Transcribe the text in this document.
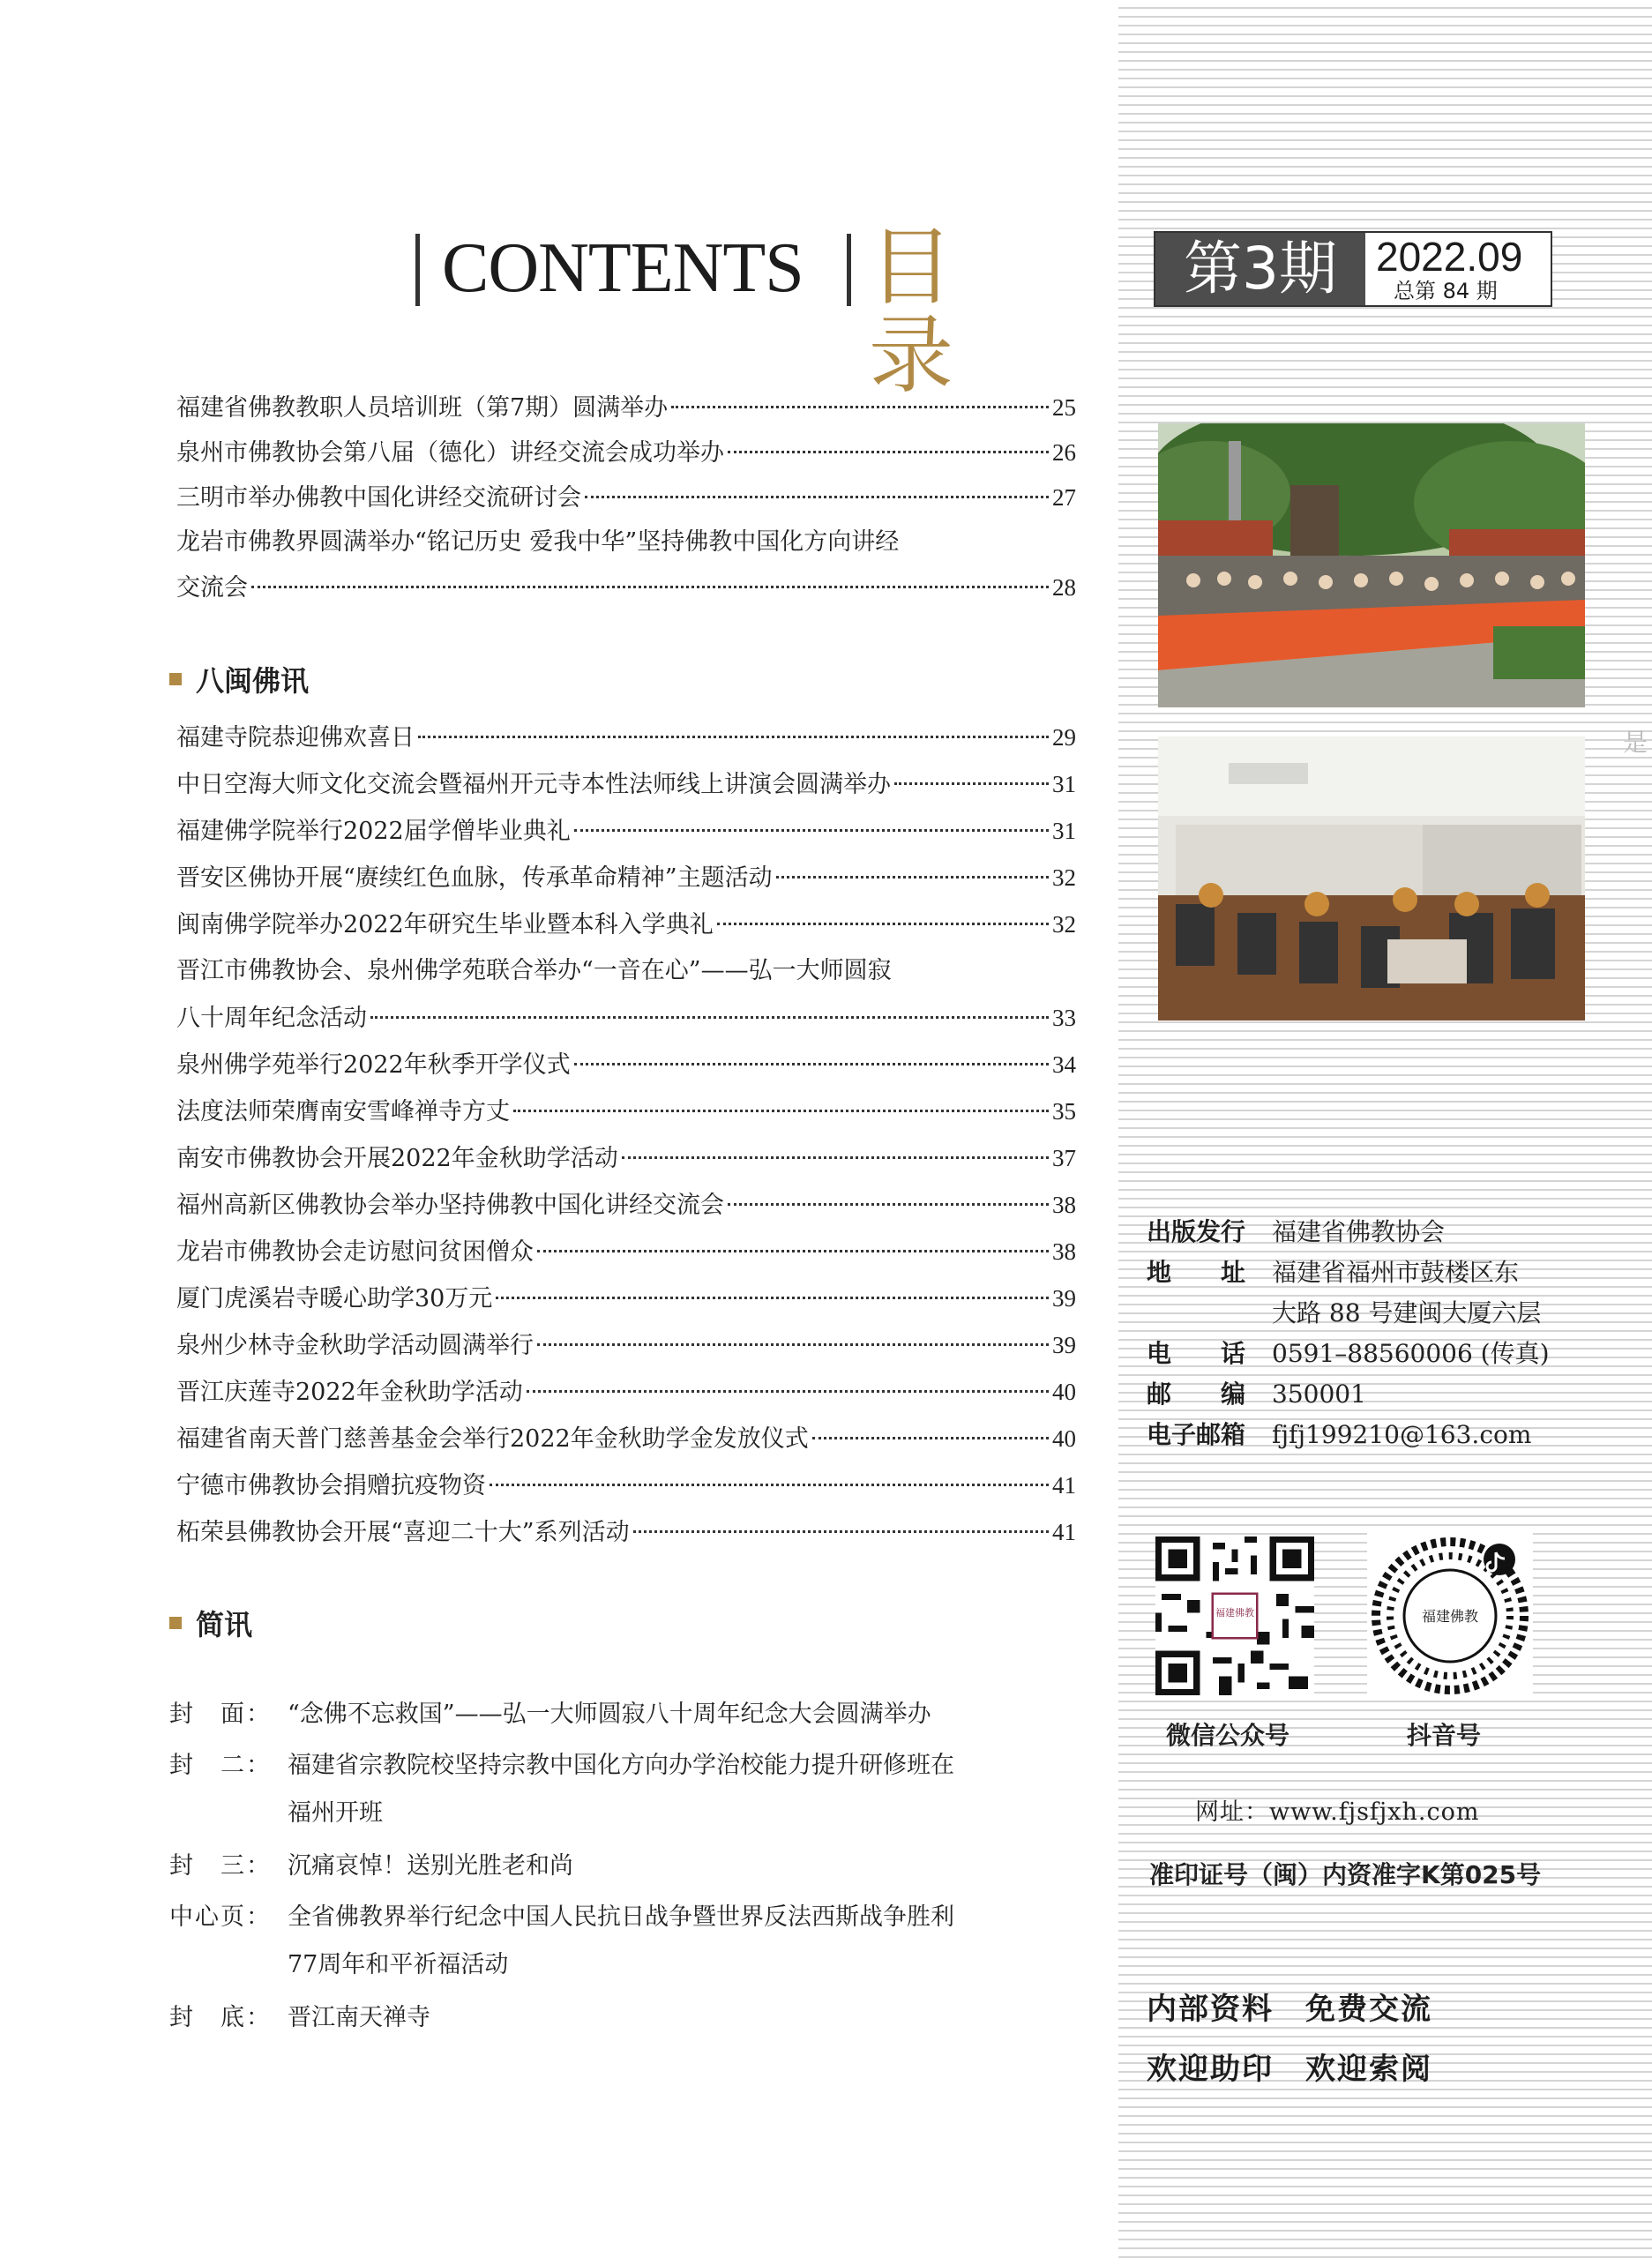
是
CONTENTS 目录
第3期 2022.09
总第 84 期
福建省佛教教职人员培训班（第7期）圆满举办	25
泉州市佛教协会第八届（德化）讲经交流会成功举办	26
三明市举办佛教中国化讲经交流研讨会	27
龙岩市佛教界圆满举办“铭记历史 爱我中华”坚持佛教中国化方向讲经
交流会	28
八闽佛讯
福建寺院恭迎佛欢喜日	29
中日空海大师文化交流会暨福州开元寺本性法师线上讲演会圆满举办	31
福建佛学院举行2022届学僧毕业典礼	31
晋安区佛协开展“赓续红色血脉，传承革命精神”主题活动	32
闽南佛学院举办2022年研究生毕业暨本科入学典礼	32
晋江市佛教协会、泉州佛学苑联合举办“一音在心”——弘一大师圆寂
八十周年纪念活动	33
泉州佛学苑举行2022年秋季开学仪式	34
法度法师荣膺南安雪峰禅寺方丈	35
南安市佛教协会开展2022年金秋助学活动	37
福州高新区佛教协会举办坚持佛教中国化讲经交流会	38
龙岩市佛教协会走访慰问贫困僧众	38
厦门虎溪岩寺暖心助学30万元	39
泉州少林寺金秋助学活动圆满举行	39
晋江庆莲寺2022年金秋助学活动	40
福建省南天普门慈善基金会举行2022年金秋助学金发放仪式	40
宁德市佛教协会捐赠抗疫物资	41
柘荣县佛教协会开展“喜迎二十大”系列活动	41
简讯
封　面： “念佛不忘救国”——弘一大师圆寂八十周年纪念大会圆满举办
封　二： 福建省宗教院校坚持宗教中国化方向办学治校能力提升研修班在
福州开班
封　三： 沉痛哀悼！送别光胜老和尚
中心页： 全省佛教界举行纪念中国人民抗日战争暨世界反法西斯战争胜利
77周年和平祈福活动
封　底： 晋江南天禅寺
出版发行 福建省佛教协会
地　　址 福建省福州市鼓楼区东
大路 88 号建闽大厦六层
电　　话 0591–88560006 (传真)
邮　　编 350001
电子邮箱 fjfj199210@163.com
福建佛教
微信公众号
福建佛教
抖音号
网址：www.fjsfjxh.com
准印证号（闽）内资准字K第025号
内部资料　免费交流
欢迎助印　欢迎索阅
